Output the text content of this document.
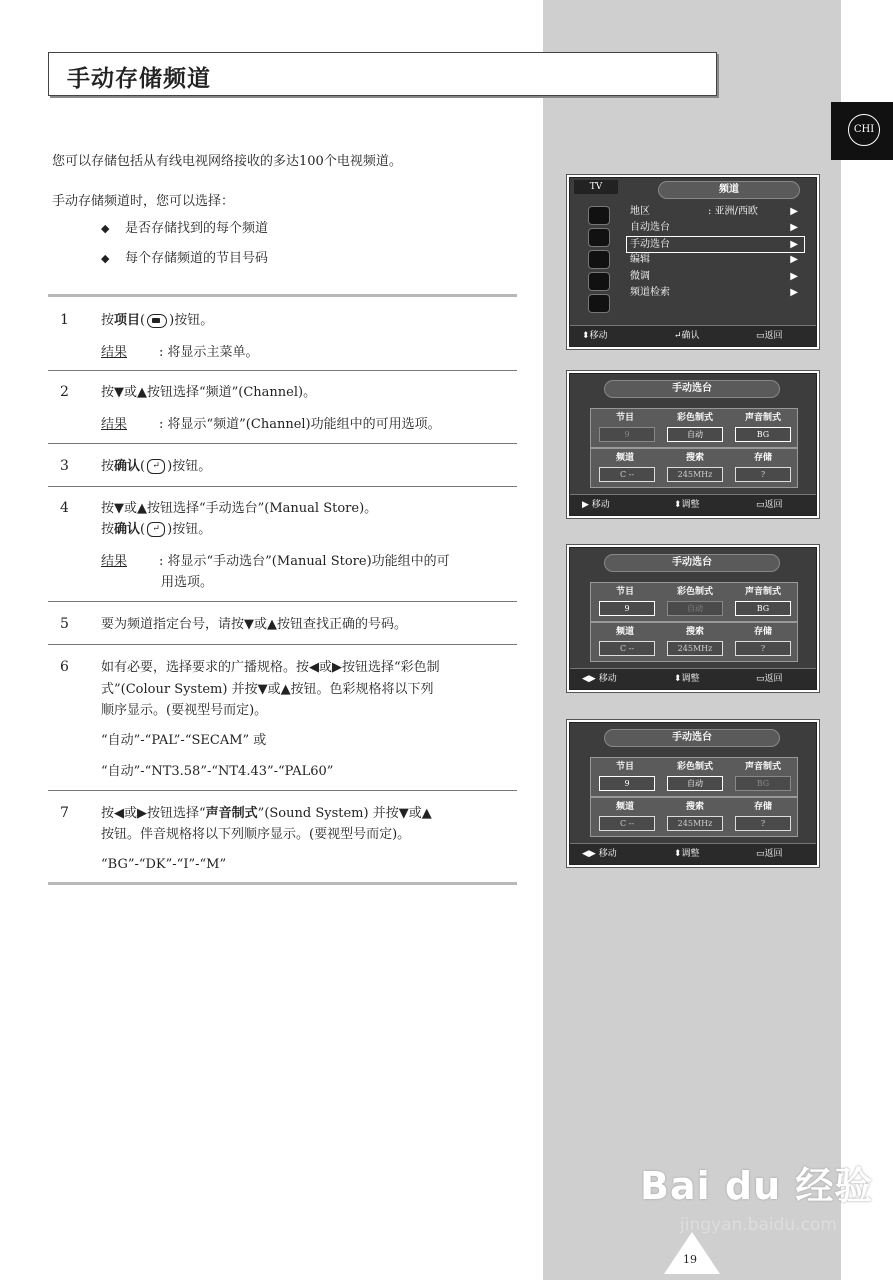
CHI
手动存储频道
您可以存储包括从有线电视网络接收的多达100个电视频道。
手动存储频道时，您可以选择：
◆ 是否存储找到的每个频道
◆ 每个存储频道的节目号码
1 按项目( )按钮。
结果 : 将显示主菜单。
2 按▼或▲按钮选择“频道”(Channel)。
结果 : 将显示“频道”(Channel)功能组中的可用选项。
3 按确认( ↵ )按钮。
4 按▼或▲按钮选择“手动选台”(Manual Store)。
按确认( ↵ )按钮。
结果 : 将显示“手动选台”(Manual Store)功能组中的可
用选项。
5 要为频道指定台号，请按▼或▲按钮查找正确的号码。
6 如有必要，选择要求的广播规格。按◀或▶按钮选择“彩色制
式”(Colour System) 并按▼或▲按钮。色彩规格将以下列
顺序显示。(要视型号而定)。
“自动”-“PAL”-“SECAM” 或
“自动”-“NT3.58”-“NT4.43”-“PAL60”
7 按◀或▶按钮选择“声音制式”(Sound System) 并按▼或▲
按钮。伴音规格将以下列顺序显示。(要视型号而定)。
“BG”-“DK”-“I”-“M”
TV	频道
地区	: 亚洲/西欧	▶
自动选台	▶
手动选台	▶
编辑	▶
微调	▶
频道检索	▶
⬍ 移动	↵ 确认	▭ 返回
手动选台
节目	彩色制式	声音制式
9	自动	BG
频道	搜索	存储
C --	245MHz	?
▶ 移动	⬍ 调整	▭ 返回
手动选台
节目	彩色制式	声音制式
9	自动	BG
频道	搜索	存储
C --	245MHz	?
◀▶ 移动	⬍ 调整	▭ 返回
手动选台
节目	彩色制式	声音制式
9	自动	BG
频道	搜索	存储
C --	245MHz	?
◀▶ 移动	⬍ 调整	▭ 返回
Bai du 经验
jingyan.baidu.com
19
